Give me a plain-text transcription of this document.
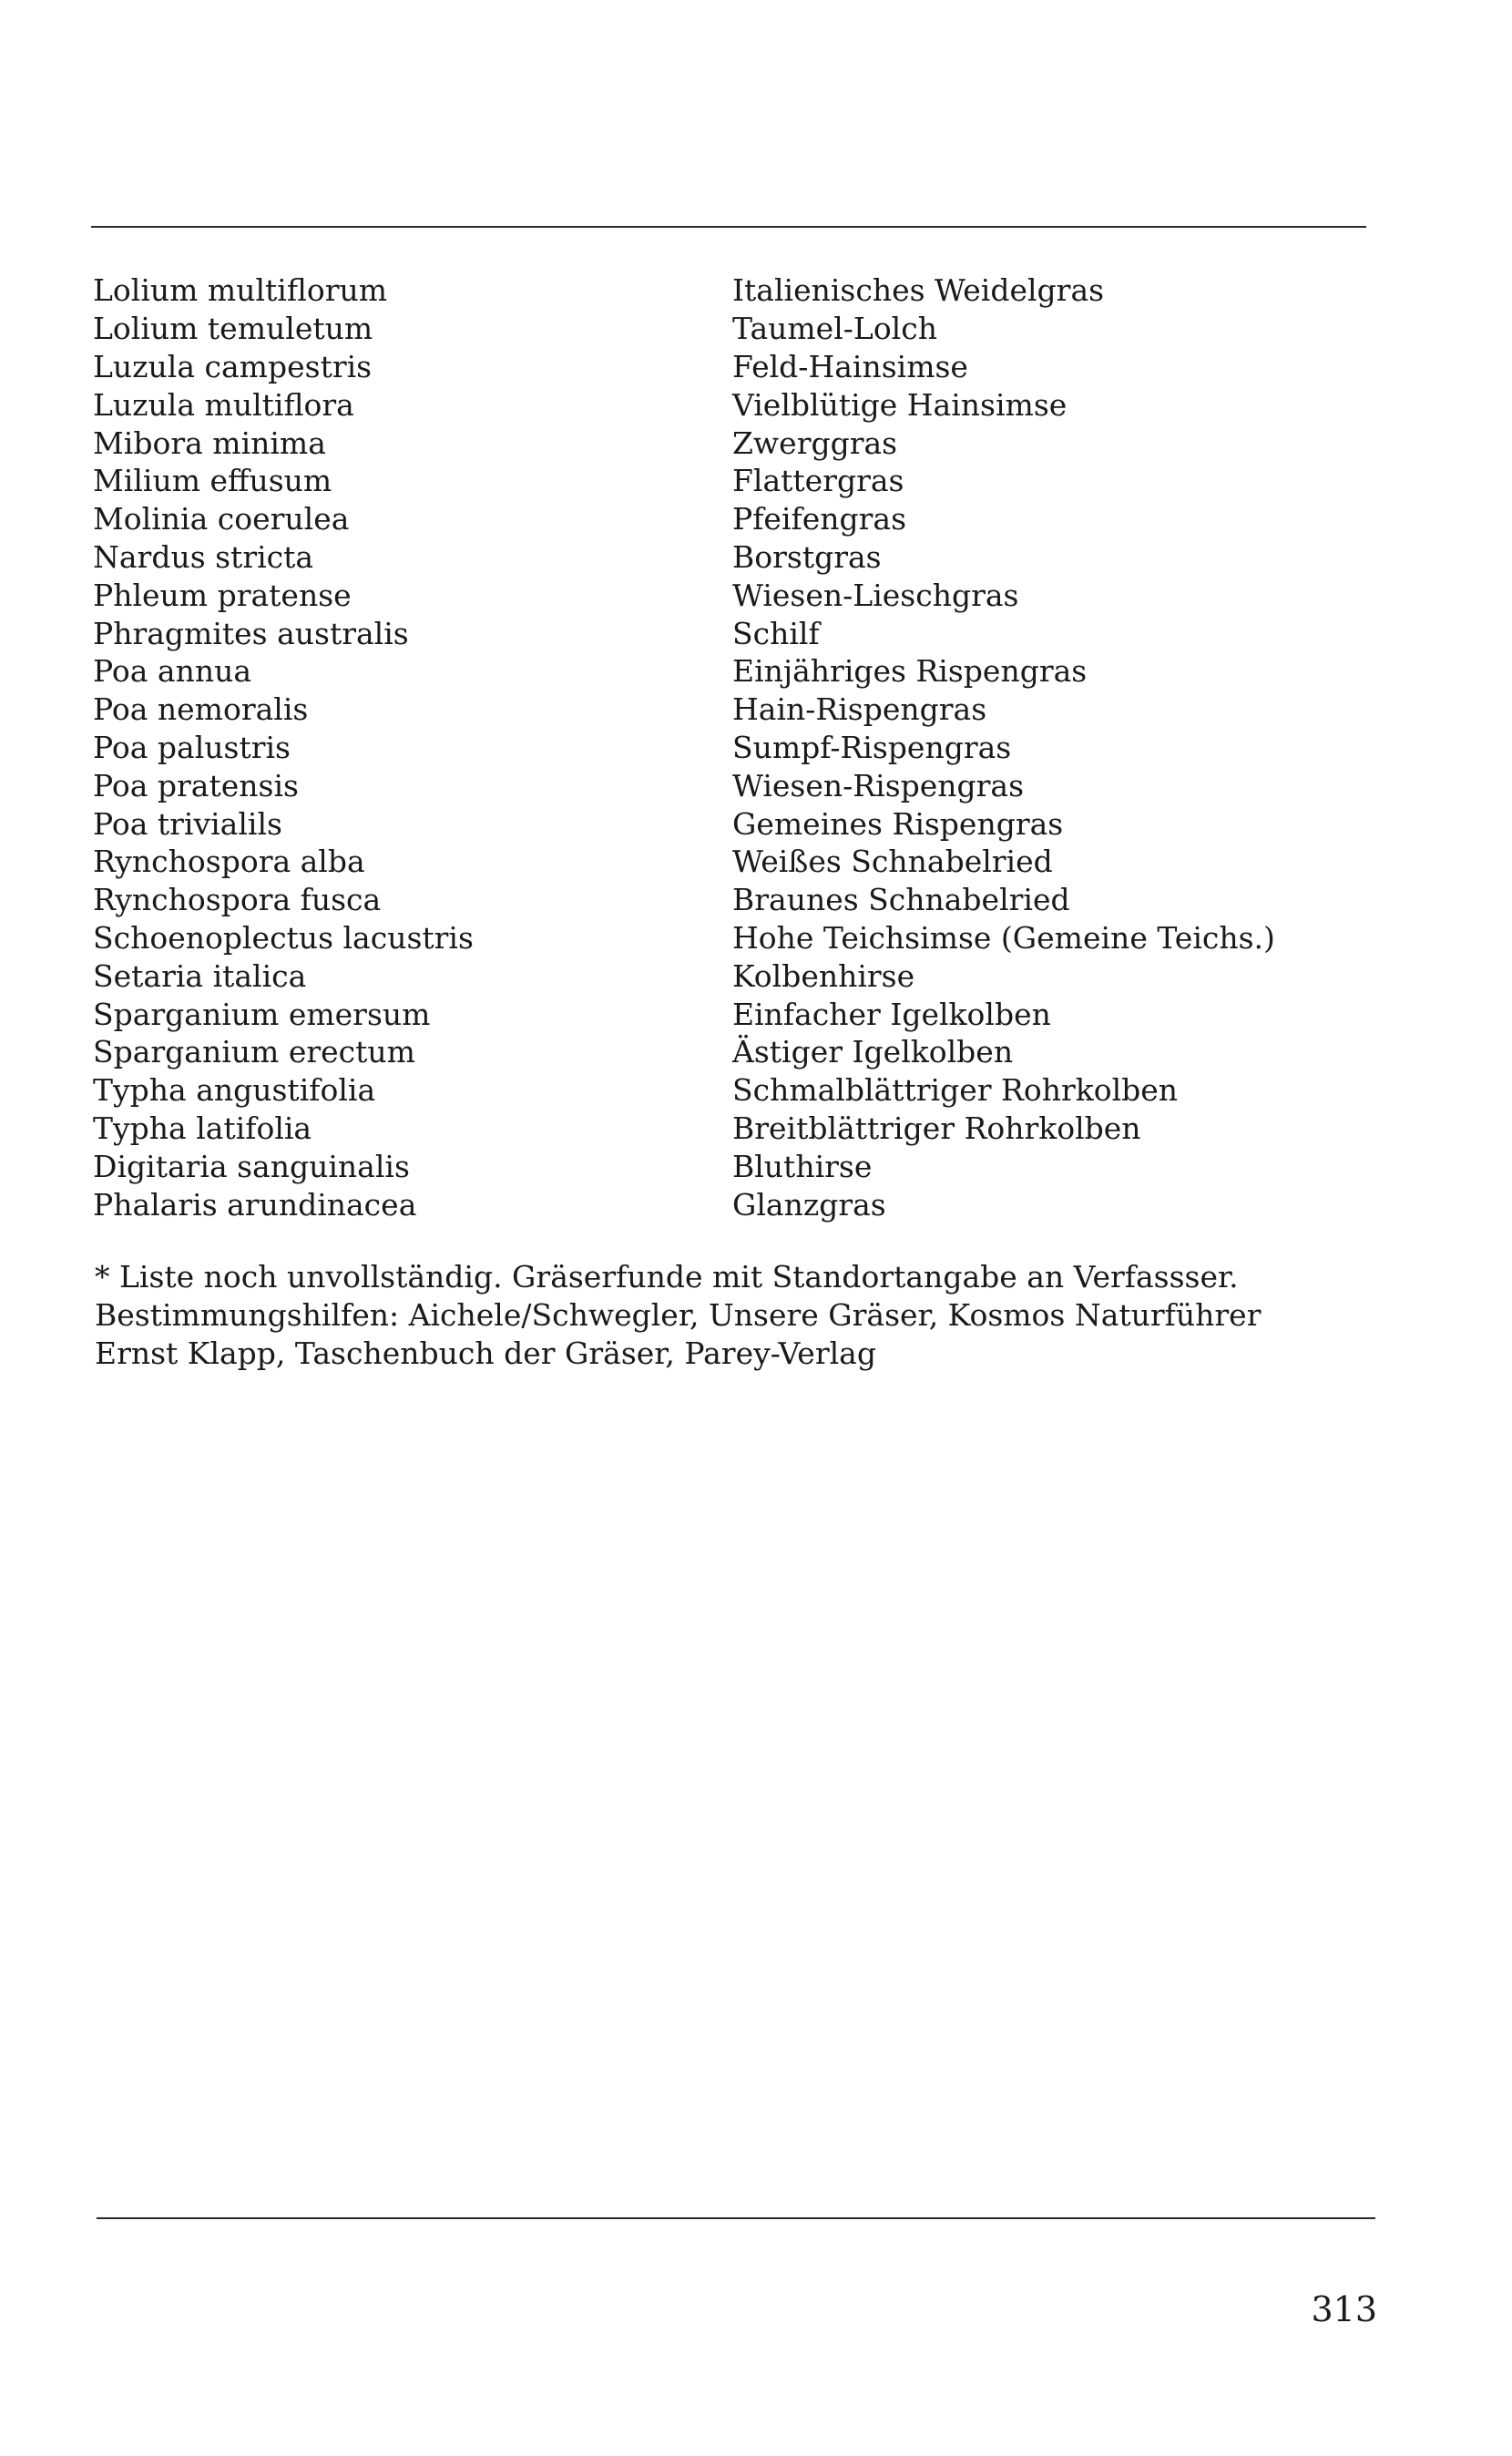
Lolium multiflorum	Italienisches Weidelgras
Lolium temuletum	Taumel-Lolch
Luzula campestris	Feld-Hainsimse
Luzula multiflora	Vielblütige Hainsimse
Mibora minima	Zwerggras
Milium effusum	Flattergras
Molinia coerulea	Pfeifengras
Nardus stricta	Borstgras
Phleum pratense	Wiesen-Lieschgras
Phragmites australis	Schilf
Poa annua	Einjähriges Rispengras
Poa nemoralis	Hain-Rispengras
Poa palustris	Sumpf-Rispengras
Poa pratensis	Wiesen-Rispengras
Poa trivialils	Gemeines Rispengras
Rynchospora alba	Weißes Schnabelried
Rynchospora fusca	Braunes Schnabelried
Schoenoplectus lacustris	Hohe Teichsimse (Gemeine Teichs.)
Setaria italica	Kolbenhirse
Sparganium emersum	Einfacher Igelkolben
Sparganium erectum	Ästiger Igelkolben
Typha angustifolia	Schmalblättriger Rohrkolben
Typha latifolia	Breitblättriger Rohrkolben
Digitaria sanguinalis	Bluthirse
Phalaris arundinacea	Glanzgras
* Liste noch unvollständig. Gräserfunde mit Standortangabe an Verfassser.
Bestimmungshilfen: Aichele/Schwegler, Unsere Gräser, Kosmos Naturführer
Ernst Klapp, Taschenbuch der Gräser, Parey-Verlag
313
